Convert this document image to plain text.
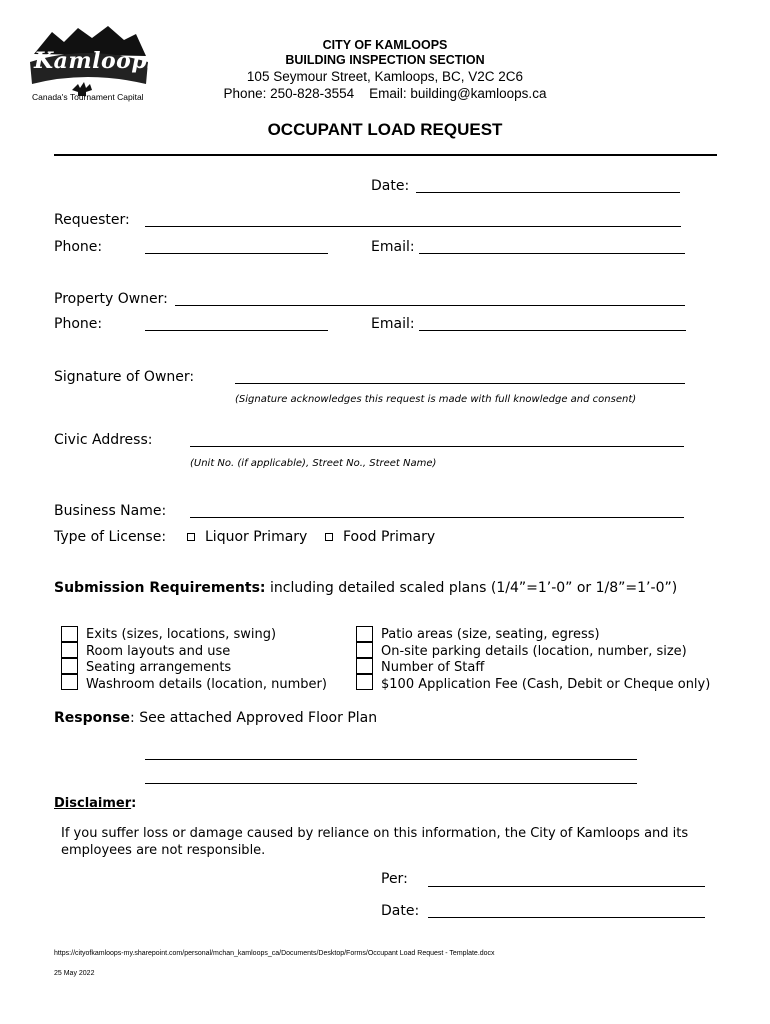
Kamloops
Canada's Tournament Capital
CITY OF KAMLOOPS
BUILDING INSPECTION SECTION
105 Seymour Street, Kamloops, BC, V2C 2C6
Phone: 250-828-3554    Email: building@kamloops.ca
OCCUPANT LOAD REQUEST
Date:
Requester:
Phone:	Email:
Property Owner:
Phone:	Email:
Signature of Owner:
(Signature acknowledges this request is made with full knowledge and consent)
Civic Address:
(Unit No. (if applicable), Street No., Street Name)
Business Name:
Type of License:	Liquor Primary	Food Primary
Submission Requirements: including detailed scaled plans (1/4”=1’-0” or 1/8”=1’-0”)
Exits (sizes, locations, swing)
Room layouts and use
Seating arrangements
Washroom details (location, number)
Patio areas (size, seating, egress)
On-site parking details (location, number, size)
Number of Staff
$100 Application Fee (Cash, Debit or Cheque only)
Response: See attached Approved Floor Plan
Disclaimer:
If you suffer loss or damage caused by reliance on this information, the City of Kamloops and its employees are not responsible.
Per:
Date:
https://cityofkamloops-my.sharepoint.com/personal/mchan_kamloops_ca/Documents/Desktop/Forms/Occupant Load Request - Template.docx
25 May 2022
